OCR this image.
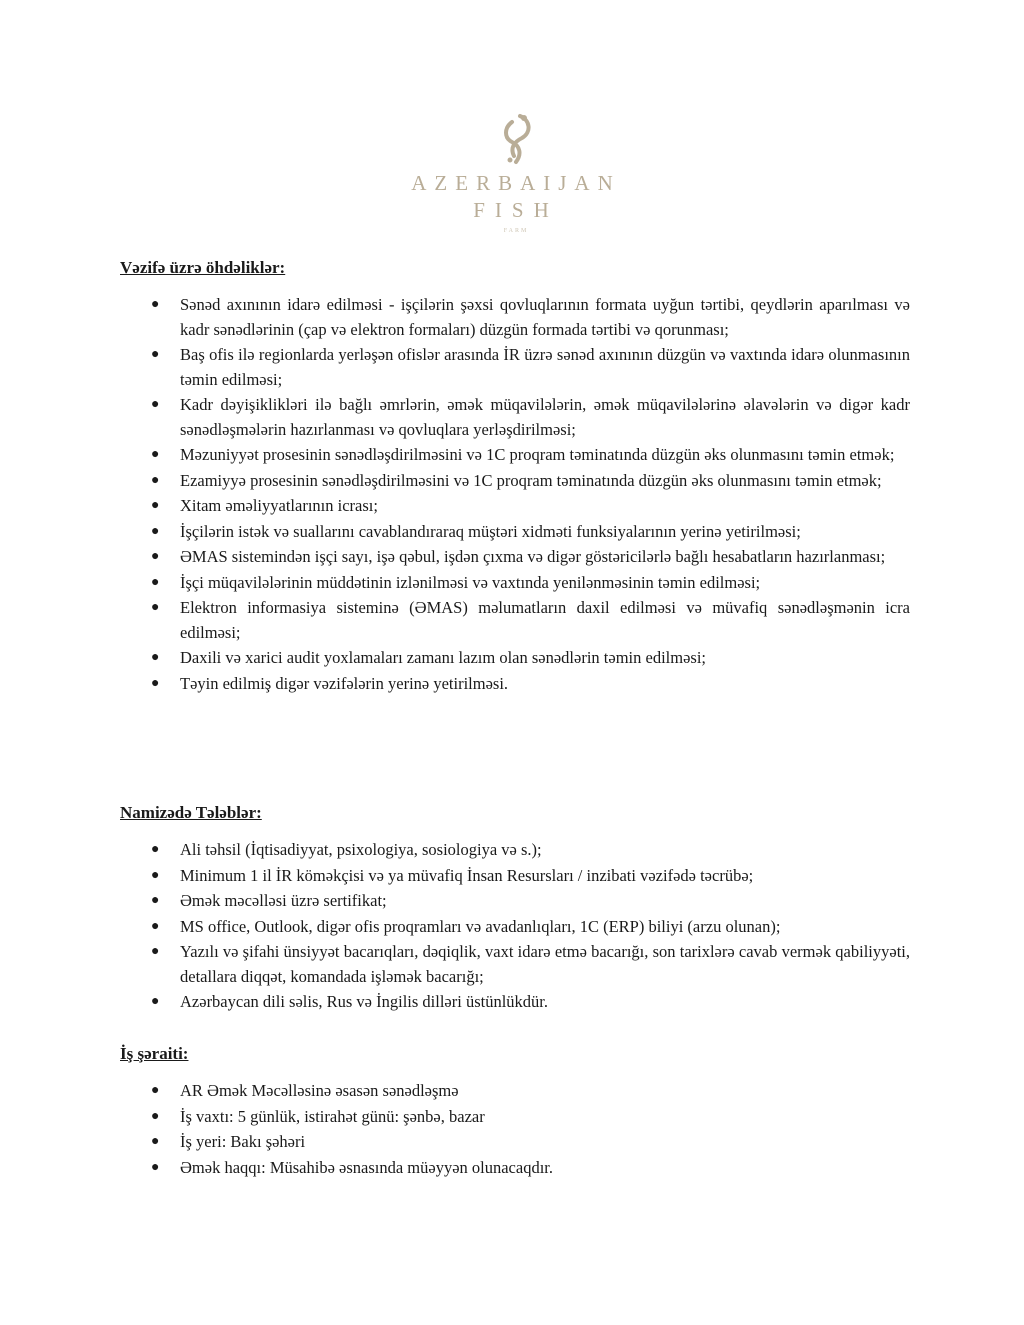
AZERBAIJAN
FISH
FARM
Vəzifə üzrə öhdəliklər:
● Sənəd axınının idarə edilməsi - işçilərin şəxsi qovluqlarının formata uyğun tərtibi, qeydlərin aparılması və kadr sənədlərinin (çap və elektron formaları) düzgün formada tərtibi və qorunması;
● Baş ofis ilə regionlarda yerləşən ofislər arasında İR üzrə sənəd axınının düzgün və vaxtında idarə olunmasının təmin edilməsi;
● Kadr dəyişiklikləri ilə bağlı əmrlərin, əmək müqavilələrin, əmək müqavilələrinə əlavələrin və digər kadr sənədləşmələrin hazırlanması və qovluqlara yerləşdirilməsi;
● Məzuniyyət prosesinin sənədləşdirilməsini və 1C proqram təminatında düzgün əks olunmasını təmin etmək;
● Ezamiyyə prosesinin sənədləşdirilməsini və 1C proqram təminatında düzgün əks olunmasını təmin etmək;
● Xitam əməliyyatlarının icrası;
● İşçilərin istək və suallarını cavablandıraraq müştəri xidməti funksiyalarının yerinə yetirilməsi;
● ƏMAS sistemindən işçi sayı, işə qəbul, işdən çıxma və digər göstəricilərlə bağlı hesabatların hazırlanması;
● İşçi müqavilələrinin müddətinin izlənilməsi və vaxtında yenilənməsinin təmin edilməsi;
● Elektron informasiya sisteminə (ƏMAS) məlumatların daxil edilməsi və müvafiq sənədləşmənin icra edilməsi;
● Daxili və xarici audit yoxlamaları zamanı lazım olan sənədlərin təmin edilməsi;
● Təyin edilmiş digər vəzifələrin yerinə yetirilməsi.
Namizədə Tələblər:
● Ali təhsil (İqtisadiyyat, psixologiya, sosiologiya və s.);
● Minimum 1 il İR köməkçisi və ya müvafiq İnsan Resursları / inzibati vəzifədə təcrübə;
● Əmək məcəlləsi üzrə sertifikat;
● MS office, Outlook, digər ofis proqramları və avadanlıqları, 1C (ERP) biliyi (arzu olunan);
● Yazılı və şifahi ünsiyyət bacarıqları, dəqiqlik, vaxt idarə etmə bacarığı, son tarixlərə cavab vermək qabiliyyəti, detallara diqqət, komandada işləmək bacarığı;
● Azərbaycan dili səlis, Rus və İngilis dilləri üstünlükdür.
İş şəraiti:
● AR Əmək Məcəlləsinə əsasən sənədləşmə
● İş vaxtı: 5 günlük, istirahət günü: şənbə, bazar
● İş yeri: Bakı şəhəri
● Əmək haqqı: Müsahibə əsnasında müəyyən olunacaqdır.
